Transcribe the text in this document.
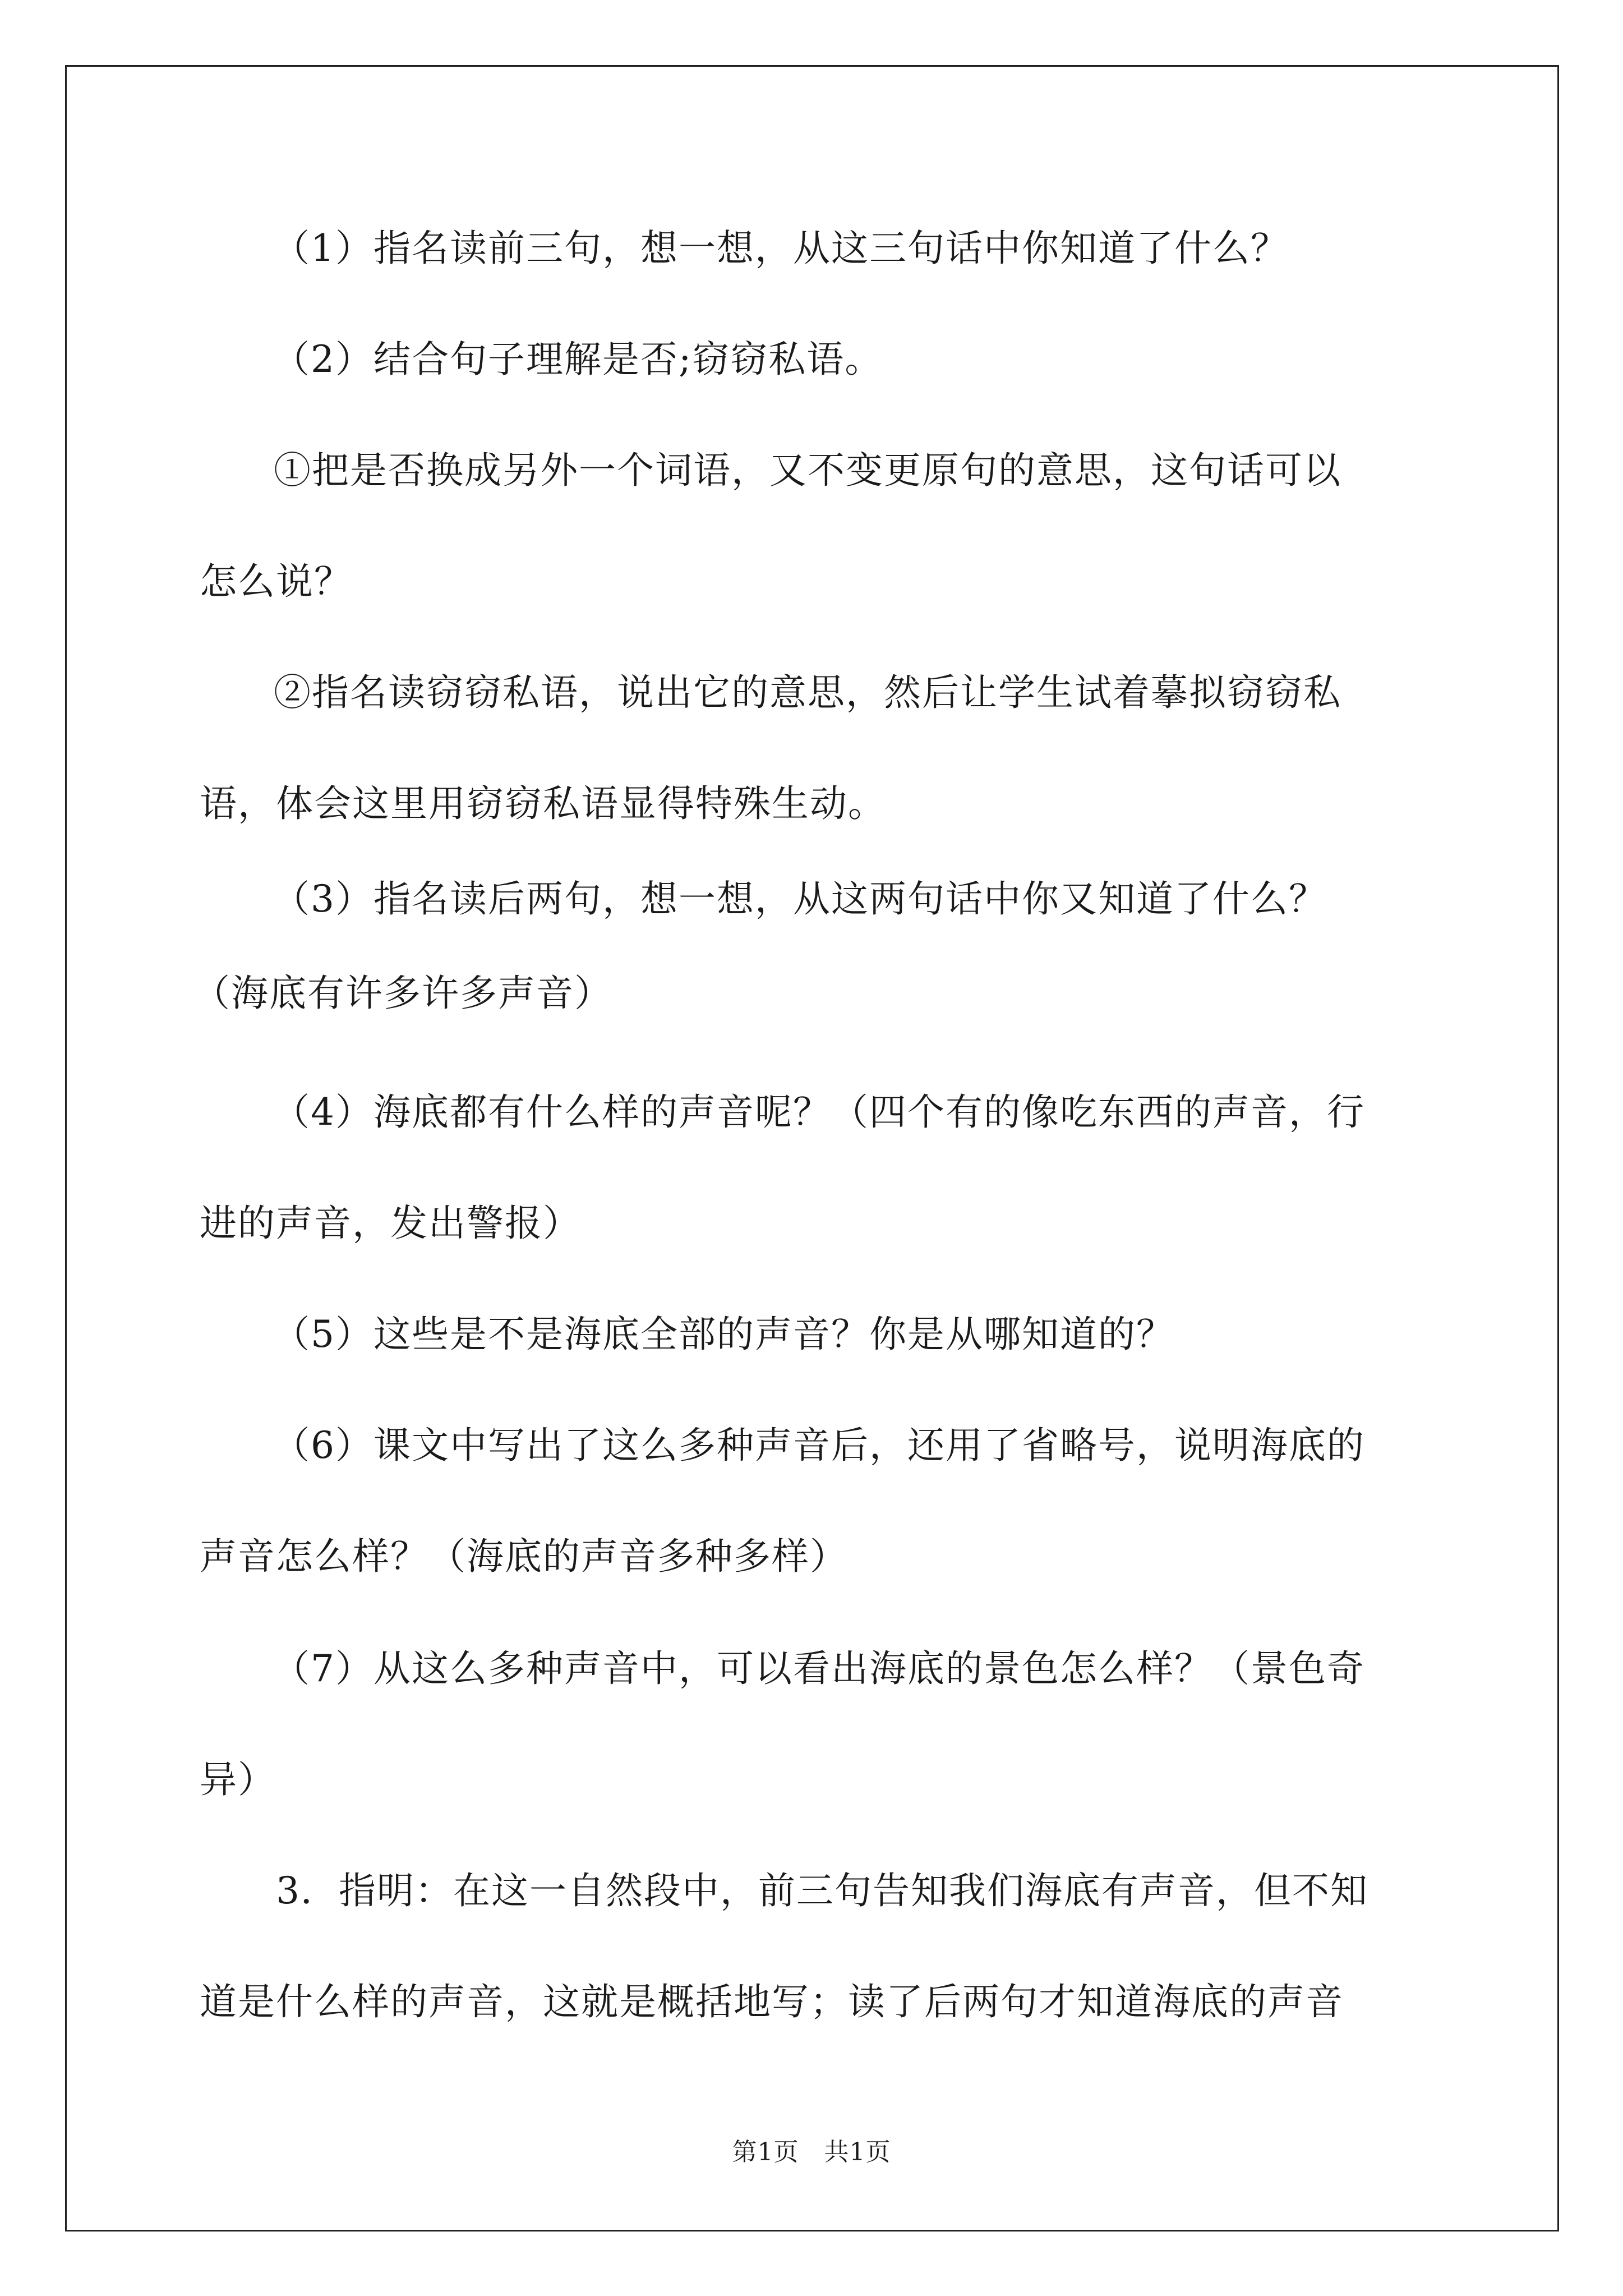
（1）指名读前三句，想一想，从这三句话中你知道了什么？
（2）结合句子理解是否;窃窃私语。
①把是否换成另外一个词语，又不变更原句的意思，这句话可以
怎么说？
②指名读窃窃私语，说出它的意思，然后让学生试着摹拟窃窃私
语，体会这里用窃窃私语显得特殊生动。
（3）指名读后两句，想一想，从这两句话中你又知道了什么？
（海底有许多许多声音）
（4）海底都有什么样的声音呢？（四个有的像吃东西的声音，行
进的声音，发出警报）
（5）这些是不是海底全部的声音？你是从哪知道的？
（6）课文中写出了这么多种声音后，还用了省略号，说明海底的
声音怎么样？（海底的声音多种多样）
（7）从这么多种声音中，可以看出海底的景色怎么样？（景色奇
异）
3．指明：在这一自然段中，前三句告知我们海底有声音，但不知
道是什么样的声音，这就是概括地写；读了后两句才知道海底的声音
第1页　共1页
